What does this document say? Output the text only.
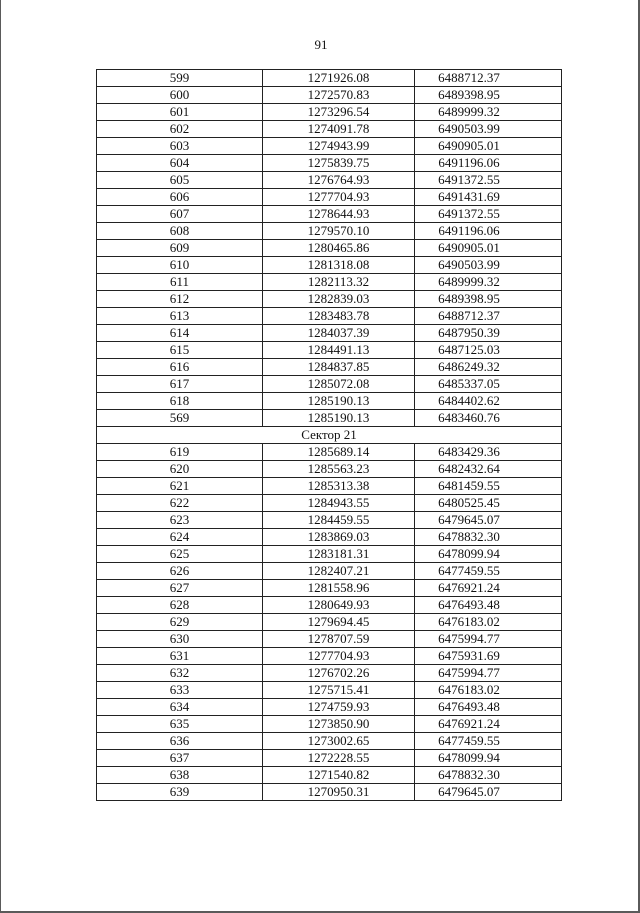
91
599	1271926.08	6488712.37
600	1272570.83	6489398.95
601	1273296.54	6489999.32
602	1274091.78	6490503.99
603	1274943.99	6490905.01
604	1275839.75	6491196.06
605	1276764.93	6491372.55
606	1277704.93	6491431.69
607	1278644.93	6491372.55
608	1279570.10	6491196.06
609	1280465.86	6490905.01
610	1281318.08	6490503.99
611	1282113.32	6489999.32
612	1282839.03	6489398.95
613	1283483.78	6488712.37
614	1284037.39	6487950.39
615	1284491.13	6487125.03
616	1284837.85	6486249.32
617	1285072.08	6485337.05
618	1285190.13	6484402.62
569	1285190.13	6483460.76
Сектор 21		
619	1285689.14	6483429.36
620	1285563.23	6482432.64
621	1285313.38	6481459.55
622	1284943.55	6480525.45
623	1284459.55	6479645.07
624	1283869.03	6478832.30
625	1283181.31	6478099.94
626	1282407.21	6477459.55
627	1281558.96	6476921.24
628	1280649.93	6476493.48
629	1279694.45	6476183.02
630	1278707.59	6475994.77
631	1277704.93	6475931.69
632	1276702.26	6475994.77
633	1275715.41	6476183.02
634	1274759.93	6476493.48
635	1273850.90	6476921.24
636	1273002.65	6477459.55
637	1272228.55	6478099.94
638	1271540.82	6478832.30
639	1270950.31	6479645.07
